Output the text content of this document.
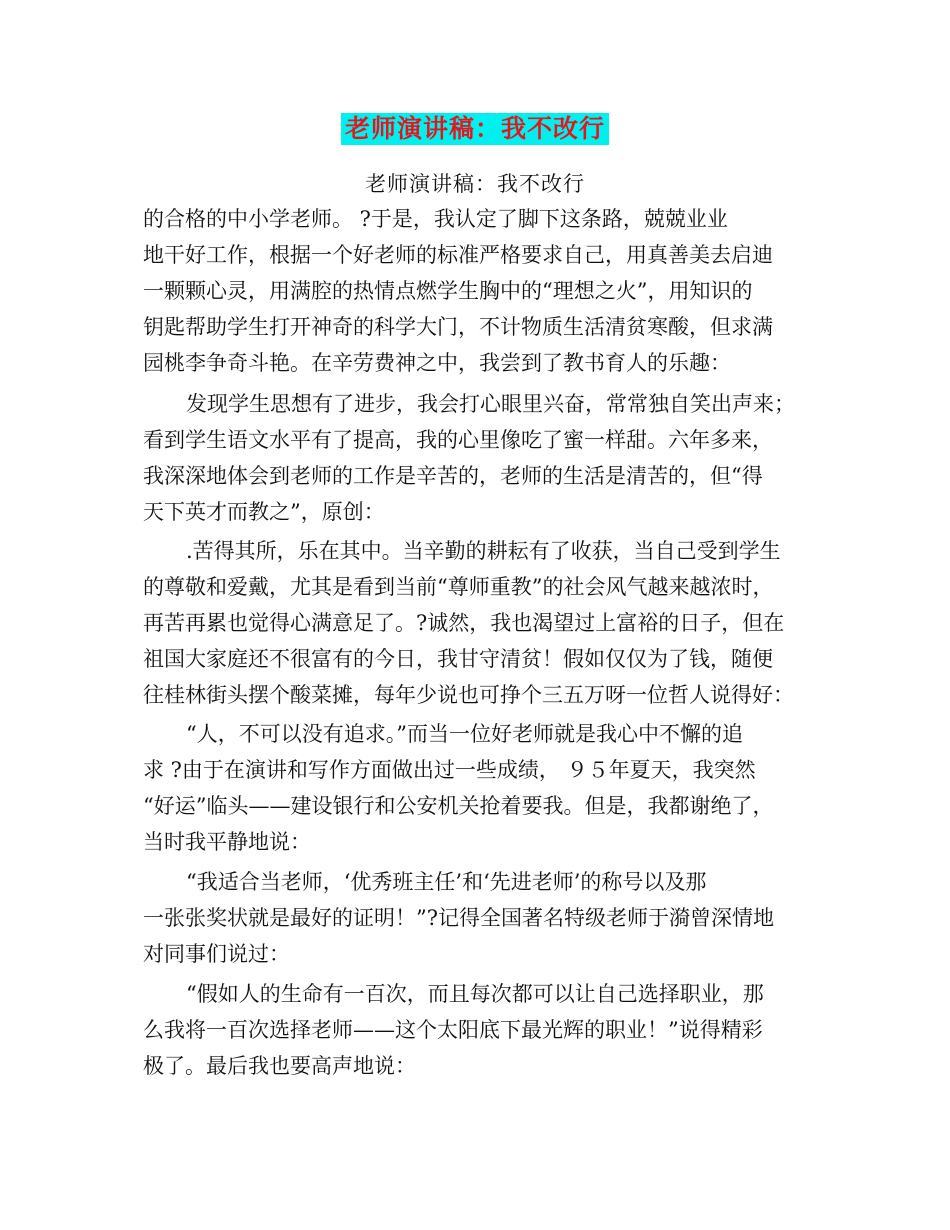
老师演讲稿：我不改行
老师演讲稿：我不改行
的合格的中小学老师。 ?于是，我认定了脚下这条路，兢兢业业
地干好工作，根据一个好老师的标准严格要求自己，用真善美去启迪
一颗颗心灵，用满腔的热情点燃学生胸中的“理想之火”，用知识的
钥匙帮助学生打开神奇的科学大门，不计物质生活清贫寒酸，但求满
园桃李争奇斗艳。在辛劳费神之中，我尝到了教书育人的乐趣：
发现学生思想有了进步，我会打心眼里兴奋，常常独自笑出声来；
看到学生语文水平有了提高，我的心里像吃了蜜一样甜。六年多来，
我深深地体会到老师的工作是辛苦的，老师的生活是清苦的，但“得
天下英才而教之”，原创：
.苦得其所，乐在其中。当辛勤的耕耘有了收获，当自己受到学生
的尊敬和爱戴，尤其是看到当前“尊师重教”的社会风气越来越浓时，
再苦再累也觉得心满意足了。?诚然，我也渴望过上富裕的日子，但在
祖国大家庭还不很富有的今日，我甘守清贫！假如仅仅为了钱，随便
往桂林街头摆个酸菜摊，每年少说也可挣个三五万呀一位哲人说得好：
“人，不可以没有追求。”而当一位好老师就是我心中不懈的追
求 ?由于在演讲和写作方面做出过一些成绩， ９５年夏天，我突然
“好运”临头——建设银行和公安机关抢着要我。但是，我都谢绝了，
当时我平静地说：
“我适合当老师，‘优秀班主任’和‘先进老师’的称号以及那
一张张奖状就是最好的证明！”?记得全国著名特级老师于漪曾深情地
对同事们说过：
“假如人的生命有一百次，而且每次都可以让自己选择职业，那
么我将一百次选择老师——这个太阳底下最光辉的职业！”说得精彩
极了。最后我也要高声地说：
